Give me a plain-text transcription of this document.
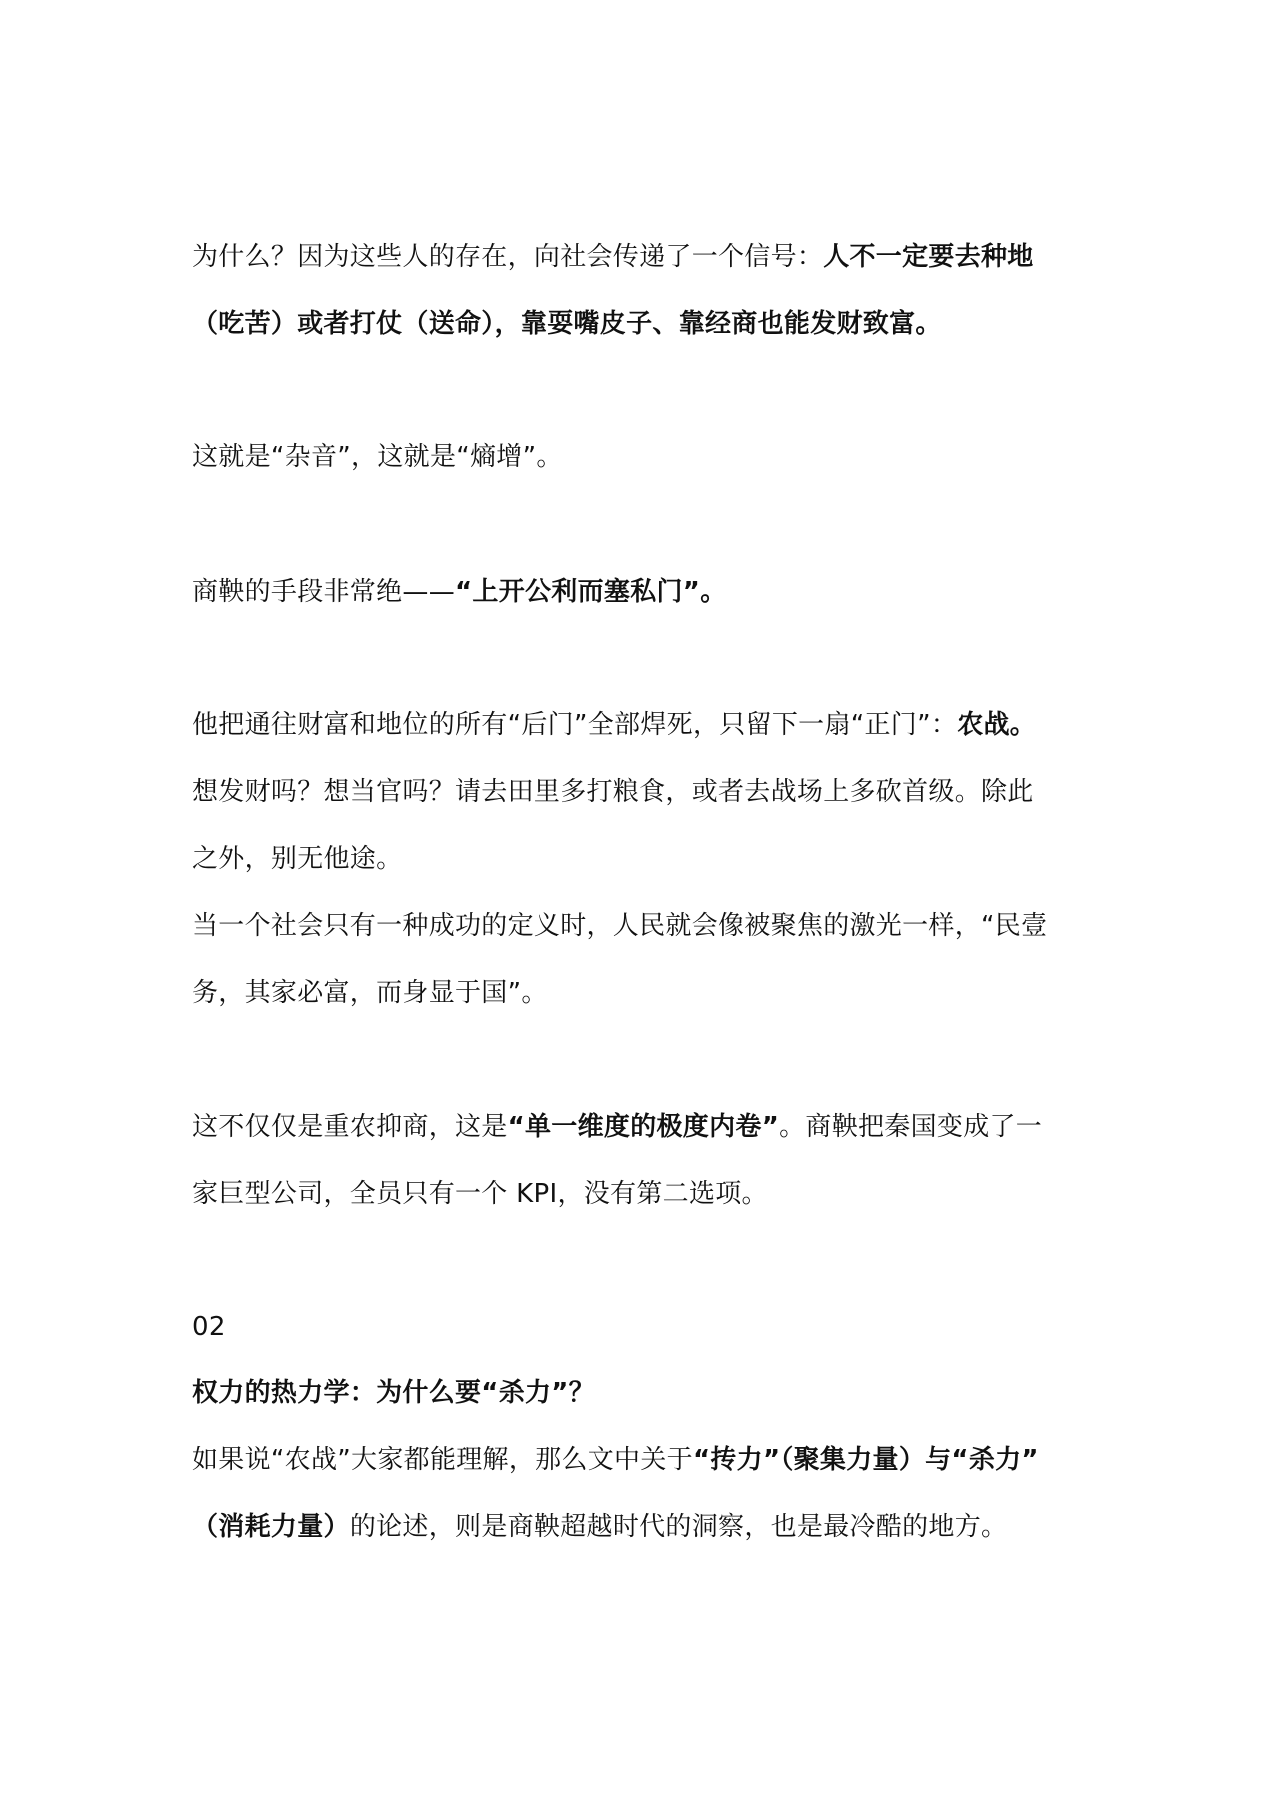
为什么？因为这些人的存在，向社会传递了一个信号：人不一定要去种地
（吃苦）或者打仗（送命），靠耍嘴皮子、靠经商也能发财致富。
这就是“杂音”，这就是“熵增”。
商鞅的手段非常绝——“上开公利而塞私门”。
他把通往财富和地位的所有“后门”全部焊死，只留下一扇“正门”：农战。
想发财吗？想当官吗？请去田里多打粮食，或者去战场上多砍首级。除此
之外，别无他途。
当一个社会只有一种成功的定义时，人民就会像被聚焦的激光一样，“民壹
务，其家必富，而身显于国”。
这不仅仅是重农抑商，这是“单一维度的极度内卷”。商鞅把秦国变成了一
家巨型公司，全员只有一个 KPI，没有第二选项。
02
权力的热力学：为什么要“杀力”？
如果说“农战”大家都能理解，那么文中关于“抟力”（聚集力量）与“杀力”
（消耗力量）的论述，则是商鞅超越时代的洞察，也是最冷酷的地方。
